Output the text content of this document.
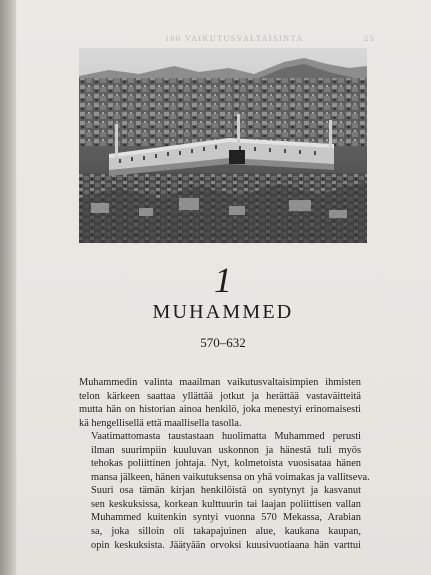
100 VAIKUTUSVALTAISINTA	25
1
MUHAMMED
570–632

Muhammedin valinta maailman vaikutusvaltaisimpien ihmisten
telon kärkeen saattaa yllättää jotkut ja herättää vastaväitteitä
mutta hän on historian ainoa henkilö, joka menestyi erinomaisesti
kä hengellisellä että maallisella tasolla.

Vaatimattomasta taustastaan huolimatta Muhammed perusti
ilman suurimpiin kuuluvan uskonnon ja hänestä tuli myös
tehokas poliittinen johtaja. Nyt, kolmetoista vuosisataa hänen
mansa jälkeen, hänen vaikutuksensa on yhä voimakas ja vallitseva.

Suuri osa tämän kirjan henkilöistä on syntynyt ja kasvanut
sen keskuksissa, korkean kulttuurin tai laajan poliittisen vallan
Muhammed kuitenkin syntyi vuonna 570 Mekassa, Arabian
sa, joka silloin oli takapajuinen alue, kaukana kaupan,
opin keskuksista. Jäätyään orvoksi kuusivuotiaana hän varttui
